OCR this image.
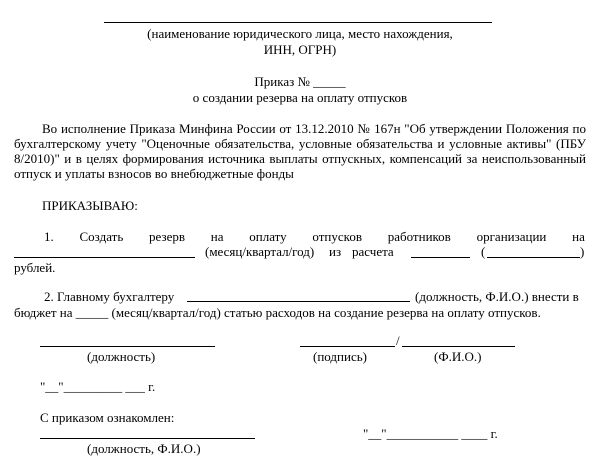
(наименование юридического лица, место нахождения,
ИНН, ОГРН)
Приказ № _____
о создании резерва на оплату отпусков
Во исполнение Приказа Минфина России от 13.12.2010 № 167н "Об утверждении Положения по бухгалтерскому учету "Оценочные обязательства, условные обязательства и условные активы" (ПБУ 8/2010)" и в целях формирования источника выплаты отпускных, компенсаций за неиспользованный отпуск и уплаты взносов во внебюджетные фонды
ПРИКАЗЫВАЮ:
1. Создать резерв на оплату отпусков работников организации на
(месяц/квартал/год) из расчета	(	)
рублей.
2. Главному бухгалтеру	(должность, Ф.И.О.) внести в
бюджет на _____ (месяц/квартал/год) статью расходов на создание резерва на оплату отпусков.
(должность)
/
(подпись)	(Ф.И.О.)
"__"_________ ___ г.
С приказом ознакомлен:
(должность, Ф.И.О.)
"__"___________ ____ г.
